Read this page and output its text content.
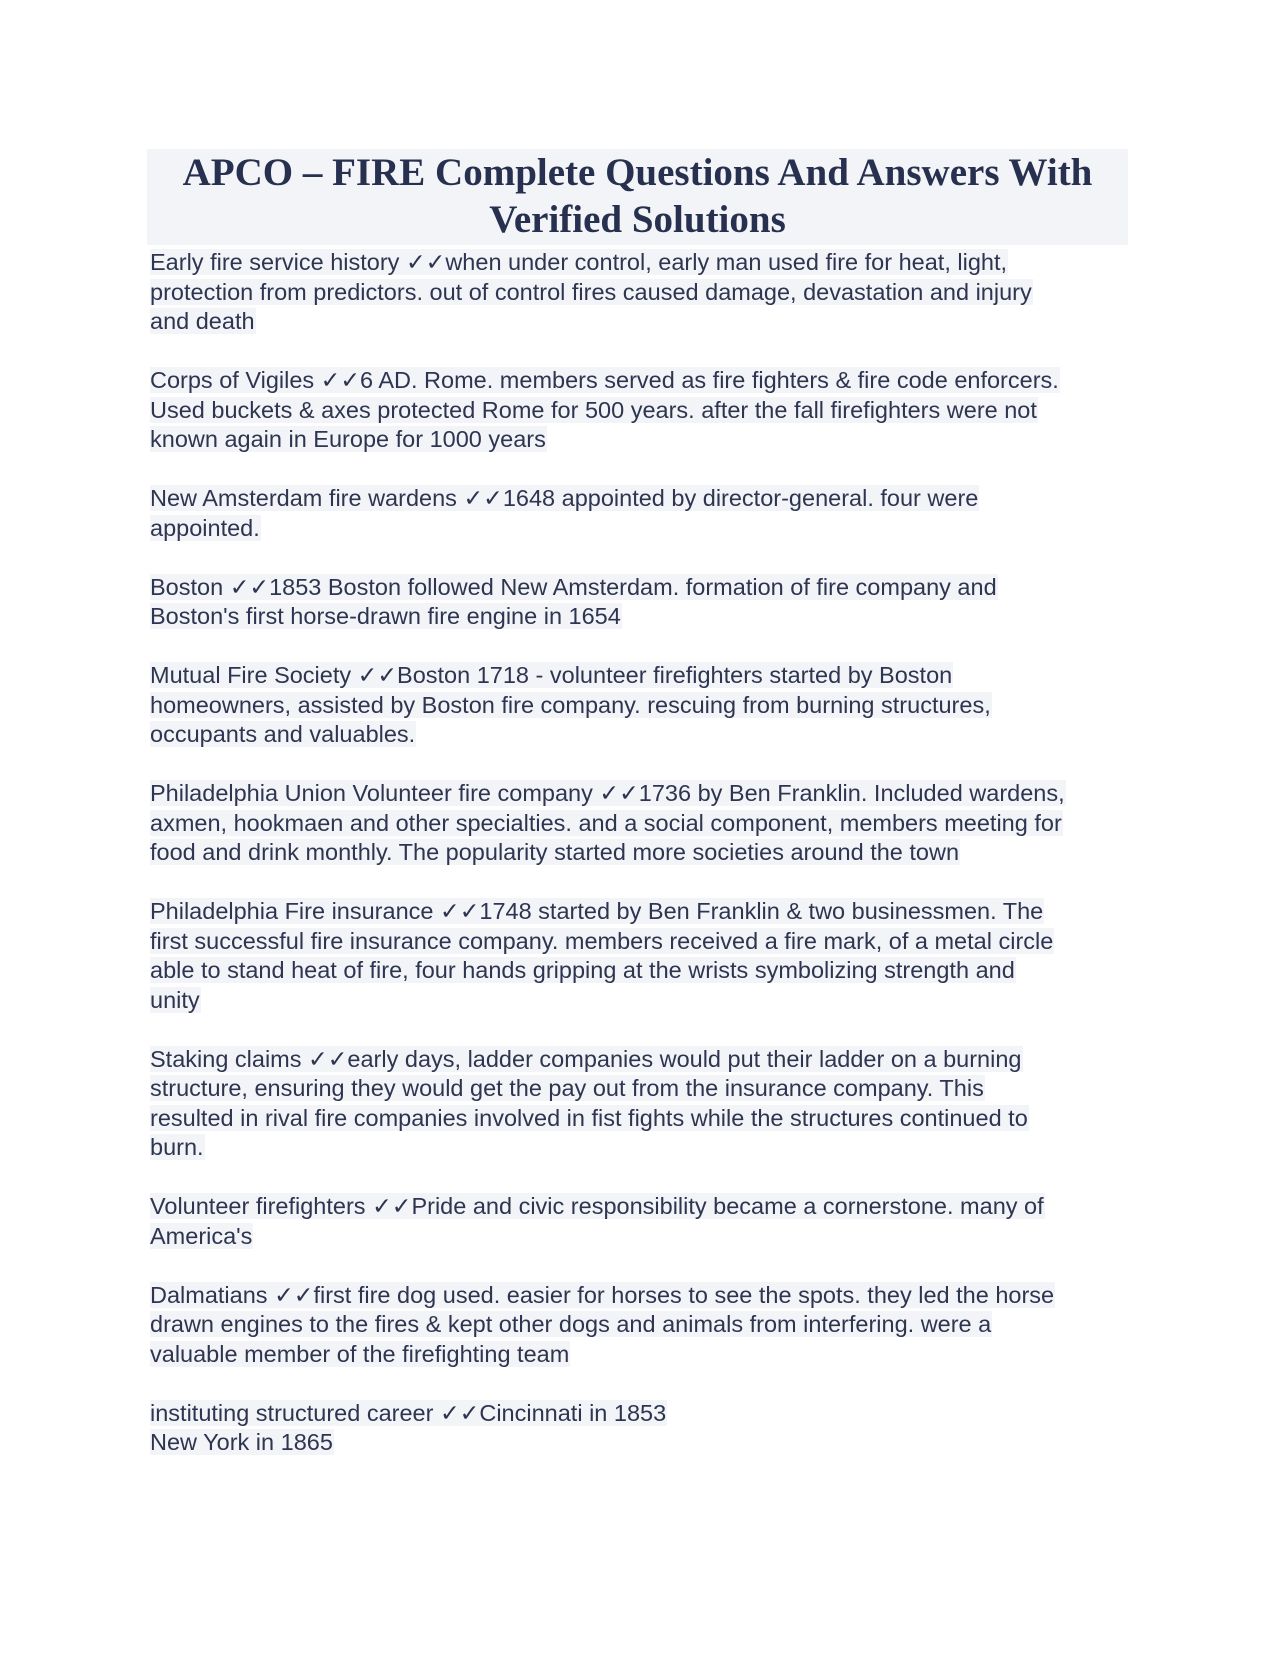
APCO – FIRE Complete Questions And Answers With
Verified Solutions
Early fire service history ✓✓when under control, early man used fire for heat, light,
protection from predictors. out of control fires caused damage, devastation and injury
and death
Corps of Vigiles ✓✓6 AD. Rome. members served as fire fighters & fire code enforcers.
Used buckets & axes protected Rome for 500 years. after the fall firefighters were not
known again in Europe for 1000 years
New Amsterdam fire wardens ✓✓1648 appointed by director-general. four were
appointed.
Boston ✓✓1853 Boston followed New Amsterdam. formation of fire company and
Boston's first horse-drawn fire engine in 1654
Mutual Fire Society ✓✓Boston 1718 - volunteer firefighters started by Boston
homeowners, assisted by Boston fire company. rescuing from burning structures,
occupants and valuables.
Philadelphia Union Volunteer fire company ✓✓1736 by Ben Franklin. Included wardens,
axmen, hookmaen and other specialties. and a social component, members meeting for
food and drink monthly. The popularity started more societies around the town
Philadelphia Fire insurance ✓✓1748 started by Ben Franklin & two businessmen. The
first successful fire insurance company. members received a fire mark, of a metal circle
able to stand heat of fire, four hands gripping at the wrists symbolizing strength and
unity
Staking claims ✓✓early days, ladder companies would put their ladder on a burning
structure, ensuring they would get the pay out from the insurance company. This
resulted in rival fire companies involved in fist fights while the structures continued to
burn.
Volunteer firefighters ✓✓Pride and civic responsibility became a cornerstone. many of
America's
Dalmatians ✓✓first fire dog used. easier for horses to see the spots. they led the horse
drawn engines to the fires & kept other dogs and animals from interfering. were a
valuable member of the firefighting team
instituting structured career ✓✓Cincinnati in 1853
New York in 1865
